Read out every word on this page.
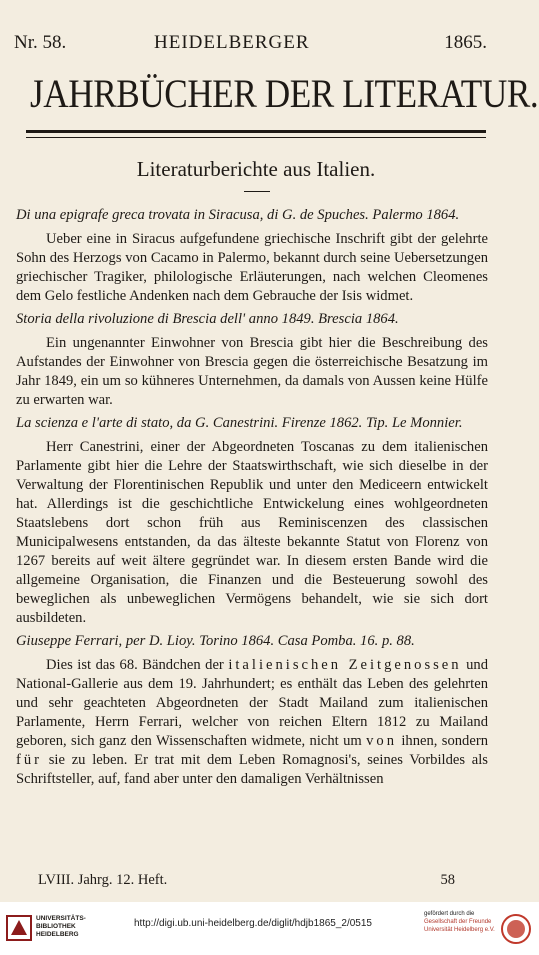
Nr. 58.	HEIDELBERGER	1865.
JAHRBÜCHER DER LITERATUR.
Literaturberichte aus Italien.

Di una epigrafe greca trovata in Siracusa, di G. de Spuches. Palermo 1864.

Ueber eine in Siracus aufgefundene griechische Inschrift gibt der gelehrte Sohn des Herzogs von Cacamo in Palermo, bekannt durch seine Uebersetzungen griechischer Tragiker, philologische Erläuterungen, nach welchen Cleomenes dem Gelo festliche Andenken nach dem Gebrauche der Isis widmet.

Storia della rivoluzione di Brescia dell' anno 1849. Brescia 1864.

Ein ungenannter Einwohner von Brescia gibt hier die Beschreibung des Aufstandes der Einwohner von Brescia gegen die österreichische Besatzung im Jahr 1849, ein um so kühneres Unternehmen, da damals von Aussen keine Hülfe zu erwarten war.

La scienza e l'arte di stato, da G. Canestrini. Firenze 1862. Tip. Le Monnier.

Herr Canestrini, einer der Abgeordneten Toscanas zu dem italienischen Parlamente gibt hier die Lehre der Staatswirthschaft, wie sich dieselbe in der Verwaltung der Florentinischen Republik und unter den Mediceern entwickelt hat. Allerdings ist die geschichtliche Entwickelung eines wohlgeordneten Staatslebens dort schon früh aus Reminiscenzen des classischen Municipalwesens entstanden, da das älteste bekannte Statut von Florenz von 1267 bereits auf weit ältere gegründet war. In diesem ersten Bande wird die allgemeine Organisation, die Finanzen und die Besteuerung sowohl des beweglichen als unbeweglichen Vermögens behandelt, wie sie sich dort ausbildeten.

Giuseppe Ferrari, per D. Lioy. Torino 1864. Casa Pomba. 16. p. 88.

Dies ist das 68. Bändchen der italienischen Zeitgenossen und National-Gallerie aus dem 19. Jahrhundert; es enthält das Leben des gelehrten und sehr geachteten Abgeordneten der Stadt Mailand zum italienischen Parlamente, Herrn Ferrari, welcher von reichen Eltern 1812 zu Mailand geboren, sich ganz den Wissenschaften widmete, nicht um von ihnen, sondern für sie zu leben. Er trat mit dem Leben Romagnosi's, seines Vorbildes als Schriftsteller, auf, fand aber unter den damaligen Verhältnissen

LVIII. Jahrg. 12. Heft.	58
UNIVERSITÄTS-
BIBLIOTHEK
HEIDELBERG
http://digi.ub.uni-heidelberg.de/diglit/hdjb1865_2/0515
gefördert durch die
Gesellschaft der Freunde
Universität Heidelberg e.V.
